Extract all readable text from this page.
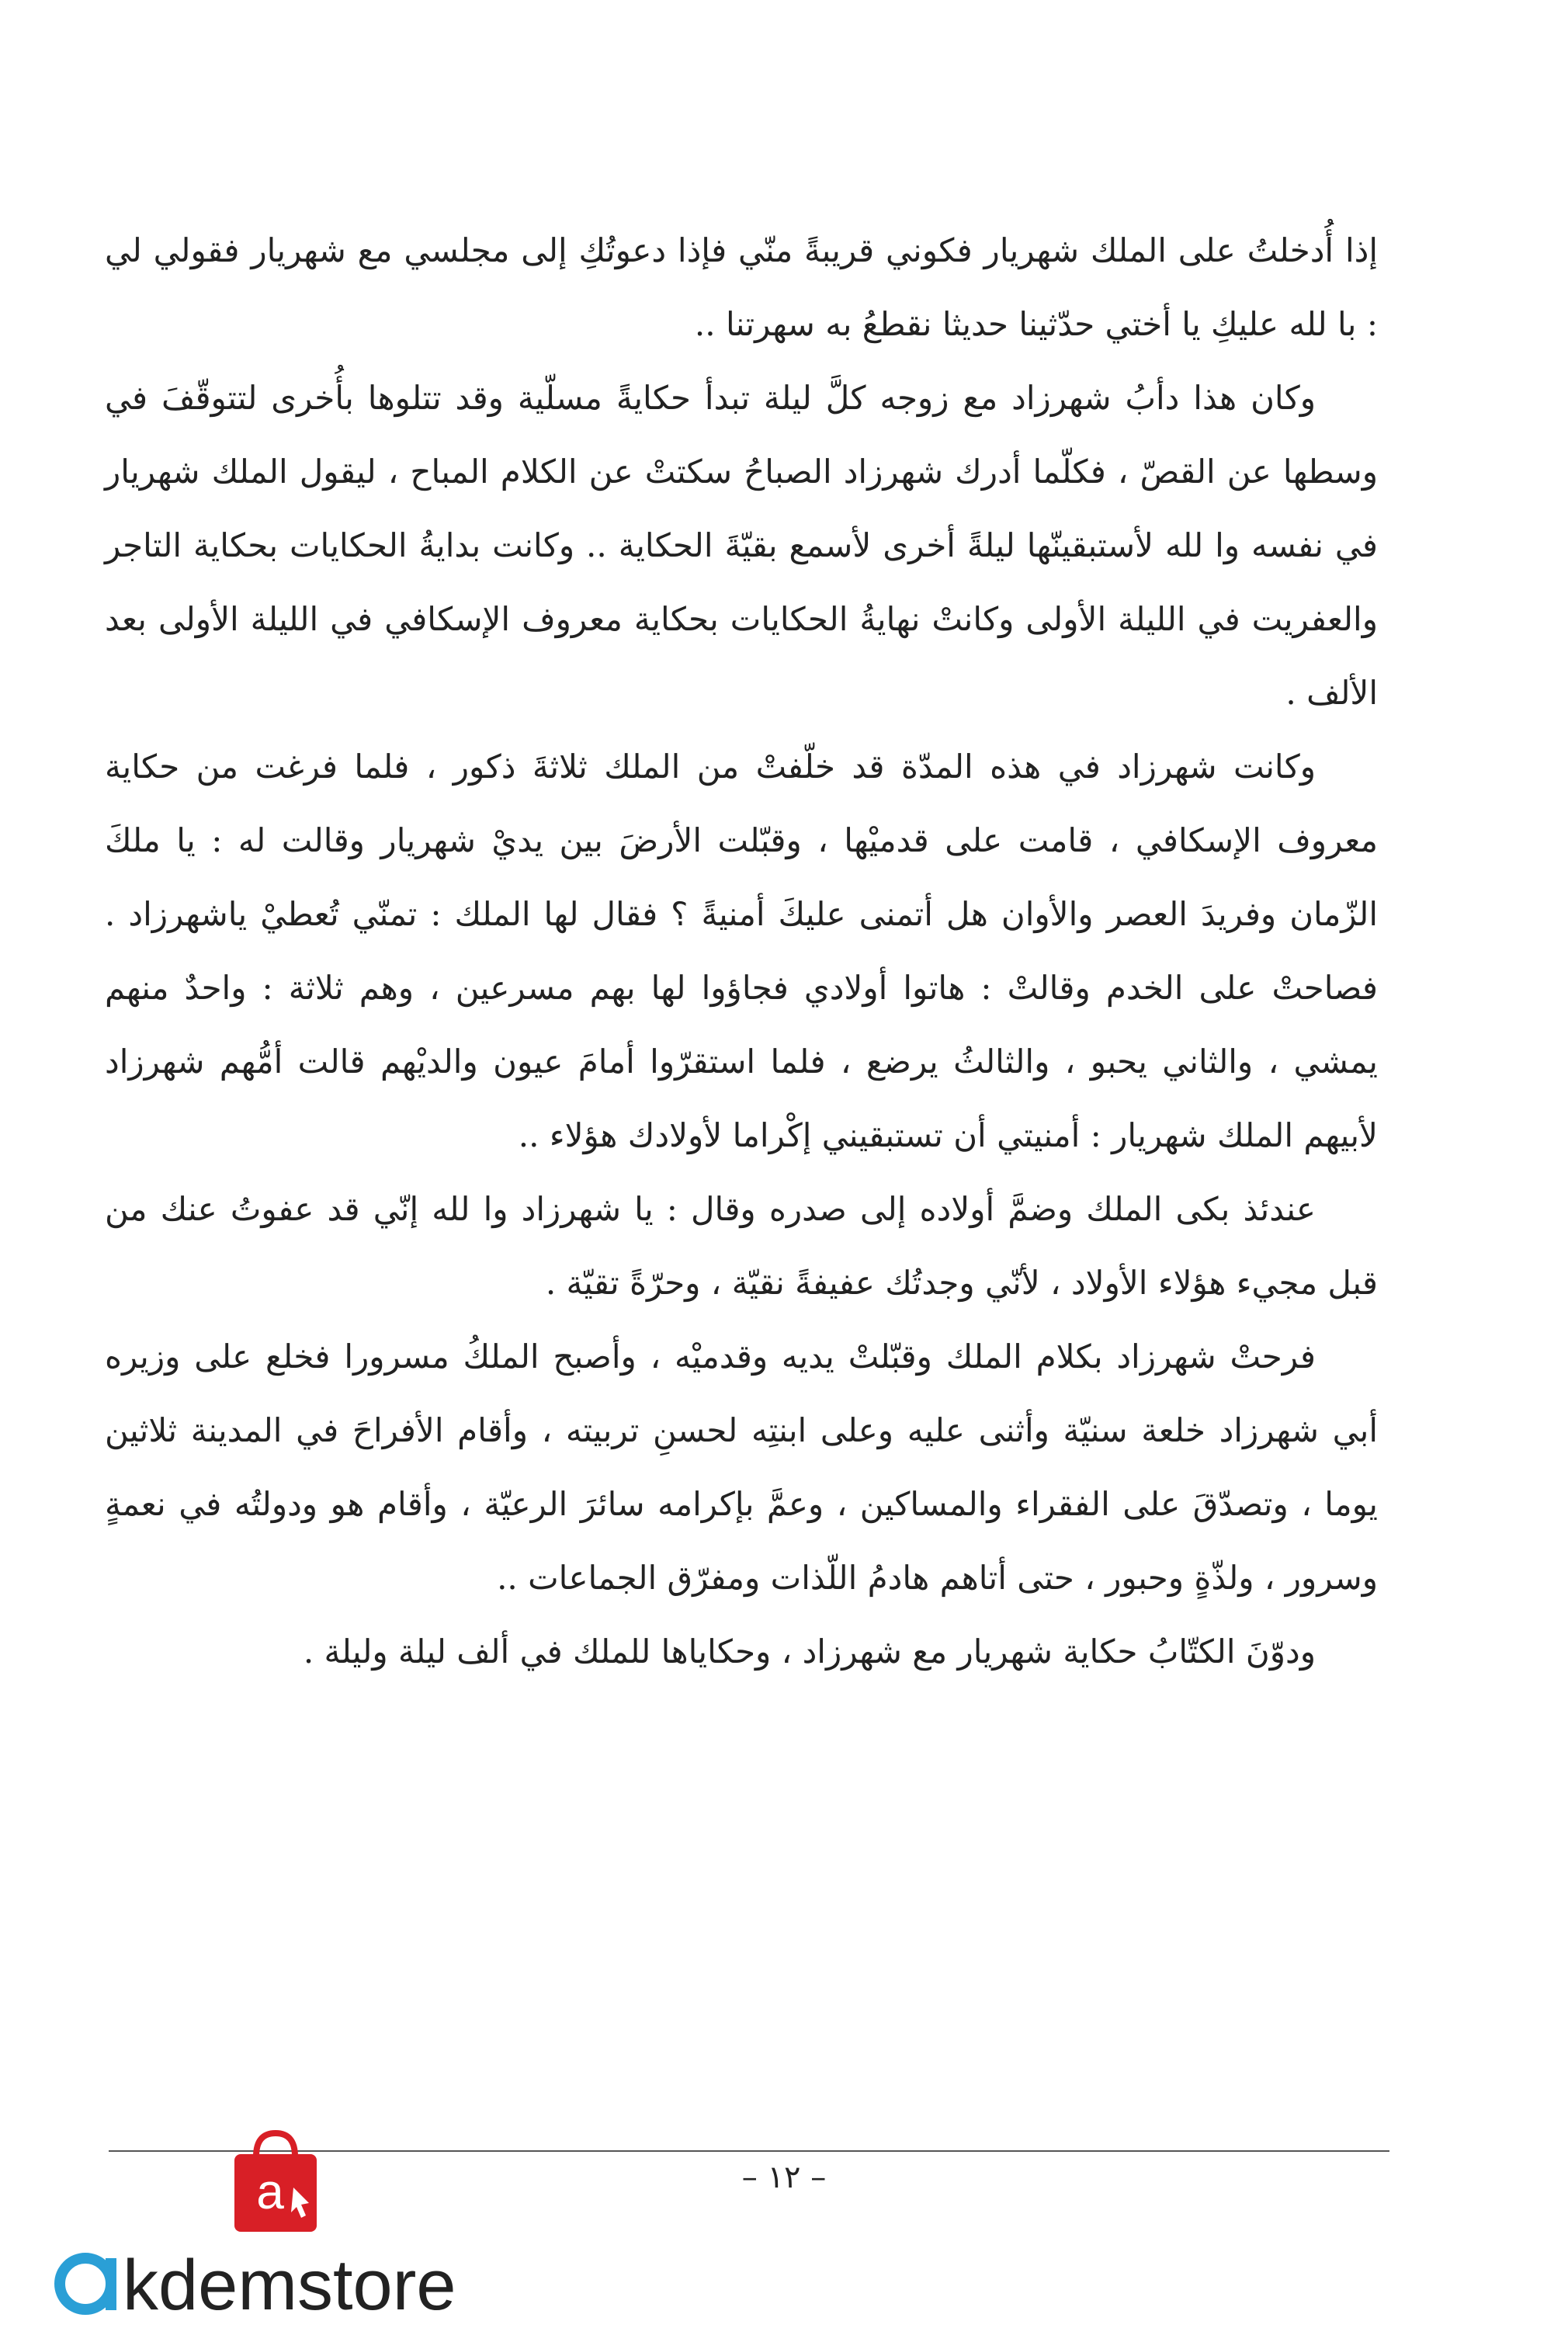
إذا أُدخلتُ على الملك شهريار فكوني قريبةً منّي فإذا دعوتُكِ إلى مجلسي مع شهريار فقولي لي : با لله عليكِ يا أختي حدّثينا حديثا نقطعُ به سهرتنا ..

وكان هذا دأبُ شهرزاد مع زوجه كلَّ ليلة تبدأ حكايةً مسلّية وقد تتلوها بأُخرى لتتوقّفَ في وسطها عن القصّ ، فكلّما أدرك شهرزاد الصباحُ سكتتْ عن الكلام المباح ، ليقول الملك شهريار في نفسه وا لله لأستبقينّها ليلةً أخرى لأسمع بقيّةَ الحكاية .. وكانت بدايةُ الحكايات بحكاية التاجر والعفريت في الليلة الأولى وكانتْ نهايةُ الحكايات بحكاية معروف الإسكافي في الليلة الأولى بعد الألف .

وكانت شهرزاد في هذه المدّة قد خلّفتْ من الملك ثلاثةَ ذكور ، فلما فرغت من حكاية معروف الإسكافي ، قامت على قدميْها ، وقبّلت الأرضَ بين يديْ شهريار وقالت له : يا ملكَ الزّمان وفريدَ العصر والأوان هل أتمنى عليكَ أمنيةً ؟ فقال لها الملك : تمنّي تُعطيْ ياشهرزاد . فصاحتْ على الخدم وقالتْ : هاتوا أولادي فجاؤوا لها بهم مسرعين ، وهم ثلاثة : واحدٌ منهم يمشي ، والثاني يحبو ، والثالثُ يرضع ، فلما استقرّوا أمامَ عيون والديْهم قالت أمُّهم شهرزاد لأبيهم الملك شهريار : أمنيتي أن تستبقيني إكْراما لأولادك هؤلاء ..

عندئذ بكى الملك وضمَّ أولاده إلى صدره وقال : يا شهرزاد وا لله إنّي قد عفوتُ عنك من قبل مجيء هؤلاء الأولاد ، لأنّي وجدتُك عفيفةً نقيّة ، وحرّةً تقيّة .

فرحتْ شهرزاد بكلام الملك وقبّلتْ يديه وقدميْه ، وأصبح الملكُ مسرورا فخلع على وزيره أبي شهرزاد خلعة سنيّة وأثنى عليه وعلى ابنتِه لحسنِ تربيته ، وأقام الأفراحَ في المدينة ثلاثين يوما ، وتصدّقَ على الفقراء والمساكين ، وعمَّ بإكرامه سائرَ الرعيّة ، وأقام هو ودولتُه في نعمةٍ وسرور ، ولذّةٍ وحبور ، حتى أتاهم هادمُ اللّذات ومفرّق الجماعات ..

ودوّنَ الكتّابُ حكاية شهريار مع شهرزاد ، وحكاياها للملك في ألف ليلة وليلة .

– ١٢ –
a
kdemstore
